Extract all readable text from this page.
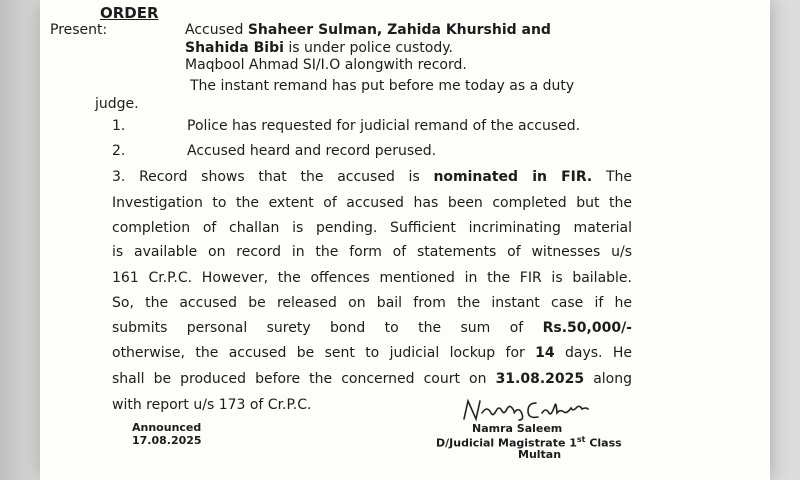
ORDER
Present:	Accused Shaheer Sulman, Zahida Khurshid and
Shahida Bibi is under police custody.
Maqbool Ahmad SI/I.O alongwith record.
The instant remand has put before me today as a duty
judge.
1.	Police has requested for judicial remand of the accused.
2.	Accused heard and record perused.
3. Record shows that the accused is nominated in FIR. The
Investigation to the extent of accused has been completed but the
completion of challan is pending. Sufficient incriminating material
is available on record in the form of statements of witnesses u/s
161 Cr.P.C. However, the offences mentioned in the FIR is bailable.
So, the accused be released on bail from the instant case if he
submits personal surety bond to the sum of Rs.50,000/-
otherwise, the accused be sent to judicial lockup for 14 days. He
shall be produced before the concerned court on 31.08.2025 along
with report u/s 173 of Cr.P.C.
Announced
17.08.2025
Namra Saleem
D/Judicial Magistrate 1st Class
Multan
